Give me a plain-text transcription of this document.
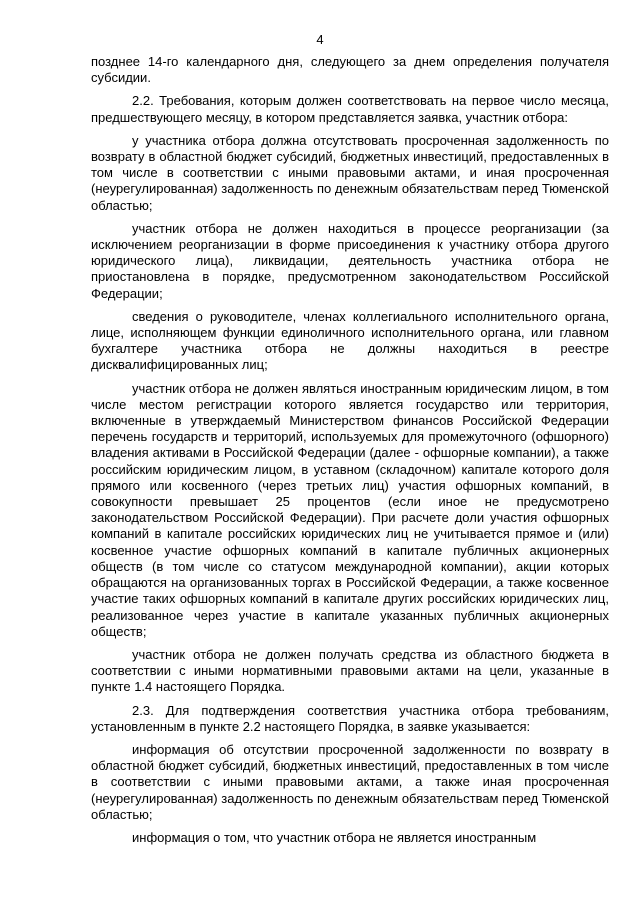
4

позднее 14-го календарного дня, следующего за днем определения получателя субсидии.

2.2. Требования, которым должен соответствовать на первое число месяца, предшествующего месяцу, в котором представляется заявка, участник отбора:

у участника отбора должна отсутствовать просроченная задолженность по возврату в областной бюджет субсидий, бюджетных инвестиций, предоставленных в том числе в соответствии с иными правовыми актами, и иная просроченная (неурегулированная) задолженность по денежным обязательствам перед Тюменской областью;

участник отбора не должен находиться в процессе реорганизации (за исключением реорганизации в форме присоединения к участнику отбора другого юридического лица), ликвидации, деятельность участника отбора не приостановлена в порядке, предусмотренном законодательством Российской Федерации;

сведения о руководителе, членах коллегиального исполнительного органа, лице, исполняющем функции единоличного исполнительного органа, или главном бухгалтере участника отбора не должны находиться в реестре дисквалифицированных лиц;

участник отбора не должен являться иностранным юридическим лицом, в том числе местом регистрации которого является государство или территория, включенные в утверждаемый Министерством финансов Российской Федерации перечень государств и территорий, используемых для промежуточного (офшорного) владения активами в Российской Федерации (далее - офшорные компании), а также российским юридическим лицом, в уставном (складочном) капитале которого доля прямого или косвенного (через третьих лиц) участия офшорных компаний, в совокупности превышает 25 процентов (если иное не предусмотрено законодательством Российской Федерации). При расчете доли участия офшорных компаний в капитале российских юридических лиц не учитывается прямое и (или) косвенное участие офшорных компаний в капитале публичных акционерных обществ (в том числе со статусом международной компании), акции которых обращаются на организованных торгах в Российской Федерации, а также косвенное участие таких офшорных компаний в капитале других российских юридических лиц, реализованное через участие в капитале указанных публичных акционерных обществ;

участник отбора не должен получать средства из областного бюджета в соответствии с иными нормативными правовыми актами на цели, указанные в пункте 1.4 настоящего Порядка.

2.3. Для подтверждения соответствия участника отбора требованиям, установленным в пункте 2.2 настоящего Порядка, в заявке указывается:

информация об отсутствии просроченной задолженности по возврату в областной бюджет субсидий, бюджетных инвестиций, предоставленных в том числе в соответствии с иными правовыми актами, а также иная просроченная (неурегулированная) задолженность по денежным обязательствам перед Тюменской областью;

информация о том, что участник отбора не является иностранным
